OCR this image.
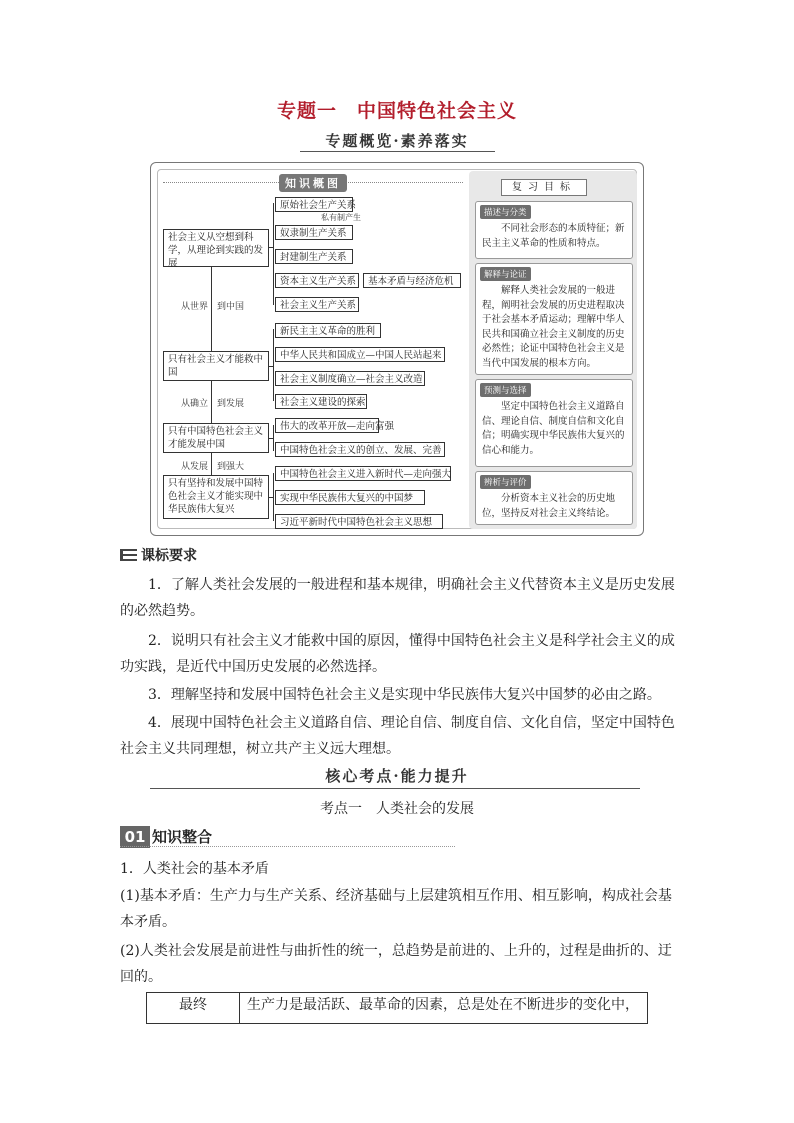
专题一　中国特色社会主义
专题概览·素养落实
知识概图
社会主义从空想到科学，从理论到实践的发展
原始社会生产关系
私有制产生
奴隶制生产关系
封建制生产关系
资本主义生产关系	基本矛盾与经济危机
社会主义生产关系
从世界　到中国
只有社会主义才能救中国
新民主主义革命的胜利
中华人民共和国成立—中国人民站起来
社会主义制度确立—社会主义改造
社会主义建设的探索
从确立　到发展
只有中国特色社会主义才能发展中国
伟大的改革开放—走向富强
中国特色社会主义的创立、发展、完善
从发展　到强大
只有坚持和发展中国特色社会主义才能实现中华民族伟大复兴
中国特色社会主义进入新时代—走向强大
实现中华民族伟大复兴的中国梦
习近平新时代中国特色社会主义思想
复习目标
描述与分类
不同社会形态的本质特征；新民主主义革命的性质和特点。
解释与论证
解释人类社会发展的一般进程，阐明社会发展的历史进程取决于社会基本矛盾运动；理解中华人民共和国确立社会主义制度的历史必然性；论证中国特色社会主义是当代中国发展的根本方向。
预测与选择
坚定中国特色社会主义道路自信、理论自信、制度自信和文化自信；明确实现中华民族伟大复兴的信心和能力。
辨析与评价
分析资本主义社会的历史地位，坚持反对社会主义终结论。
课标要求
1．了解人类社会发展的一般进程和基本规律，明确社会主义代替资本主义是历史发展的必然趋势。
2．说明只有社会主义才能救中国的原因，懂得中国特色社会主义是科学社会主义的成功实践，是近代中国历史发展的必然选择。
3．理解坚持和发展中国特色社会主义是实现中华民族伟大复兴中国梦的必由之路。
4．展现中国特色社会主义道路自信、理论自信、制度自信、文化自信，坚定中国特色社会主义共同理想，树立共产主义远大理想。
核心考点·能力提升
考点一　人类社会的发展
01 知识整合
1．人类社会的基本矛盾
(1)基本矛盾：生产力与生产关系、经济基础与上层建筑相互作用、相互影响，构成社会基本矛盾。
(2)人类社会发展是前进性与曲折性的统一，总趋势是前进的、上升的，过程是曲折的、迂回的。
最终	生产力是最活跃、最革命的因素，总是处在不断进步的变化中，
